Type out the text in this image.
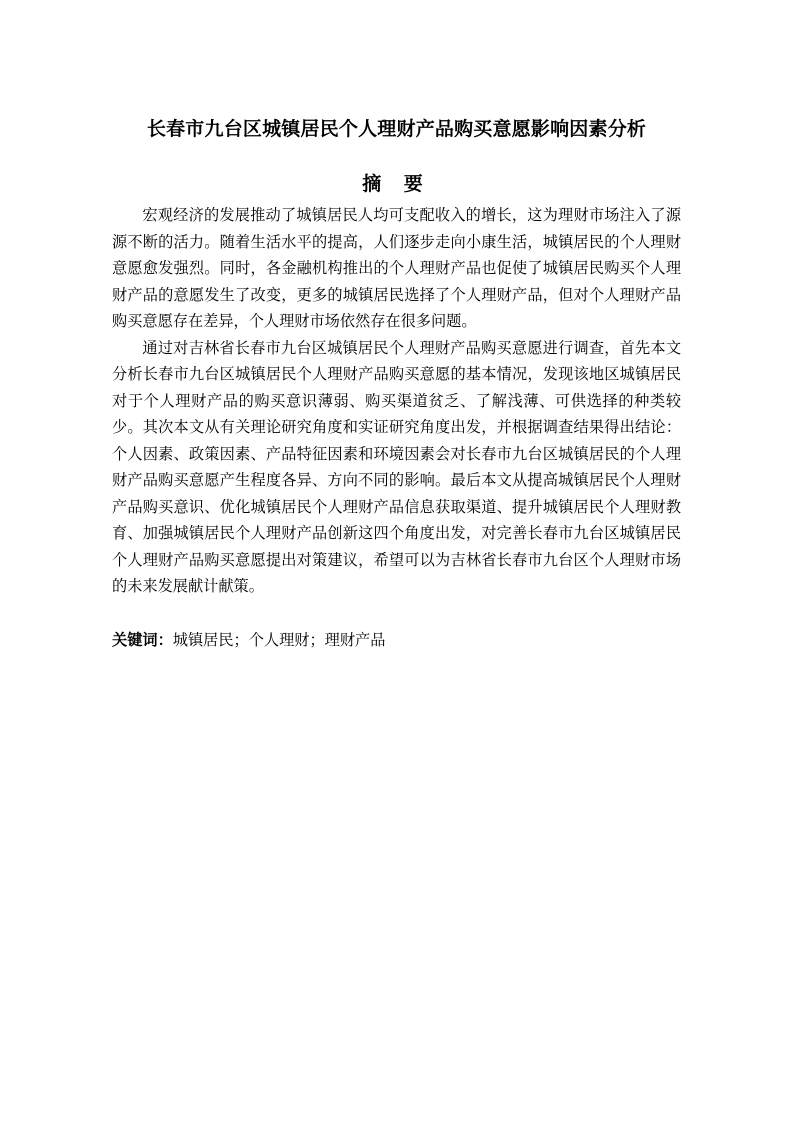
长春市九台区城镇居民个人理财产品购买意愿影响因素分析
摘 要

宏观经济的发展推动了城镇居民人均可支配收入的增长，这为理财市场注入了源源不断的活力。随着生活水平的提高，人们逐步走向小康生活，城镇居民的个人理财意愿愈发强烈。同时，各金融机构推出的个人理财产品也促使了城镇居民购买个人理财产品的意愿发生了改变，更多的城镇居民选择了个人理财产品，但对个人理财产品购买意愿存在差异，个人理财市场依然存在很多问题。

通过对吉林省长春市九台区城镇居民个人理财产品购买意愿进行调查，首先本文分析长春市九台区城镇居民个人理财产品购买意愿的基本情况，发现该地区城镇居民对于个人理财产品的购买意识薄弱、购买渠道贫乏、了解浅薄、可供选择的种类较少。其次本文从有关理论研究角度和实证研究角度出发，并根据调查结果得出结论：个人因素、政策因素、产品特征因素和环境因素会对长春市九台区城镇居民的个人理财产品购买意愿产生程度各异、方向不同的影响。最后本文从提高城镇居民个人理财产品购买意识、优化城镇居民个人理财产品信息获取渠道、提升城镇居民个人理财教育、加强城镇居民个人理财产品创新这四个角度出发，对完善长春市九台区城镇居民个人理财产品购买意愿提出对策建议，希望可以为吉林省长春市九台区个人理财市场的未来发展献计献策。

关键词：城镇居民；个人理财；理财产品
